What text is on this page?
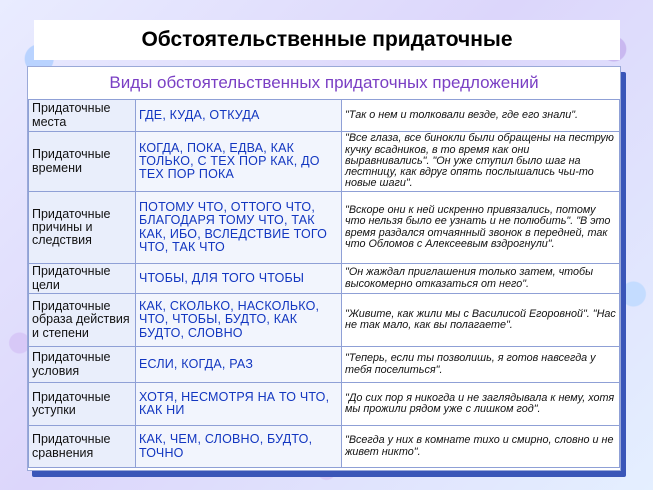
Обстоятельственные придаточные
Виды обстоятельственных придаточных предложений
Придаточные места	ГДЕ, КУДА, ОТКУДА	"Так о нем и толковали везде, где его знали".
Придаточные времени	КОГДА, ПОКА, ЕДВА, КАК ТОЛЬКО, С ТЕХ ПОР КАК, ДО ТЕХ ПОР ПОКА	"Все глаза, все бинокли были обращены на пеструю кучку всадников, в то время как они выравнивались". "Он уже ступил было шаг на лестницу, как вдруг опять послышались чьи-то новые шаги".
Придаточные причины и следствия	ПОТОМУ ЧТО, ОТТОГО ЧТО, БЛАГОДАРЯ ТОМУ ЧТО, ТАК КАК, ИБО, ВСЛЕДСТВИЕ ТОГО ЧТО, ТАК ЧТО	"Вскоре они к ней искренно привязались, потому что нельзя было ее узнать и не полюбить". "В это время раздался отчаянный звонок в передней, так что Обломов с Алексеевым вздрогнули".
Придаточные цели	ЧТОБЫ, ДЛЯ ТОГО ЧТОБЫ	"Он жаждал приглашения только затем, чтобы высокомерно отказаться от него".
Придаточные образа действия и степени	КАК, СКОЛЬКО, НАСКОЛЬКО, ЧТО, ЧТОБЫ, БУДТО, КАК БУДТО, СЛОВНО	"Живите, как жили мы с Василисой Егоровной". "Нас не так мало, как вы полагаете".
Придаточные условия	ЕСЛИ, КОГДА, РАЗ	"Теперь, если ты позволишь, я готов навсегда у тебя поселиться".
Придаточные уступки	ХОТЯ, НЕСМОТРЯ НА ТО ЧТО, КАК НИ	"До сих пор я никогда и не заглядывала к нему, хотя мы прожили рядом уже с лишком год".
Придаточные сравнения	КАК, ЧЕМ, СЛОВНО, БУДТО, ТОЧНО	"Всегда у них в комнате тихо и смирно, словно и не живет никто".
